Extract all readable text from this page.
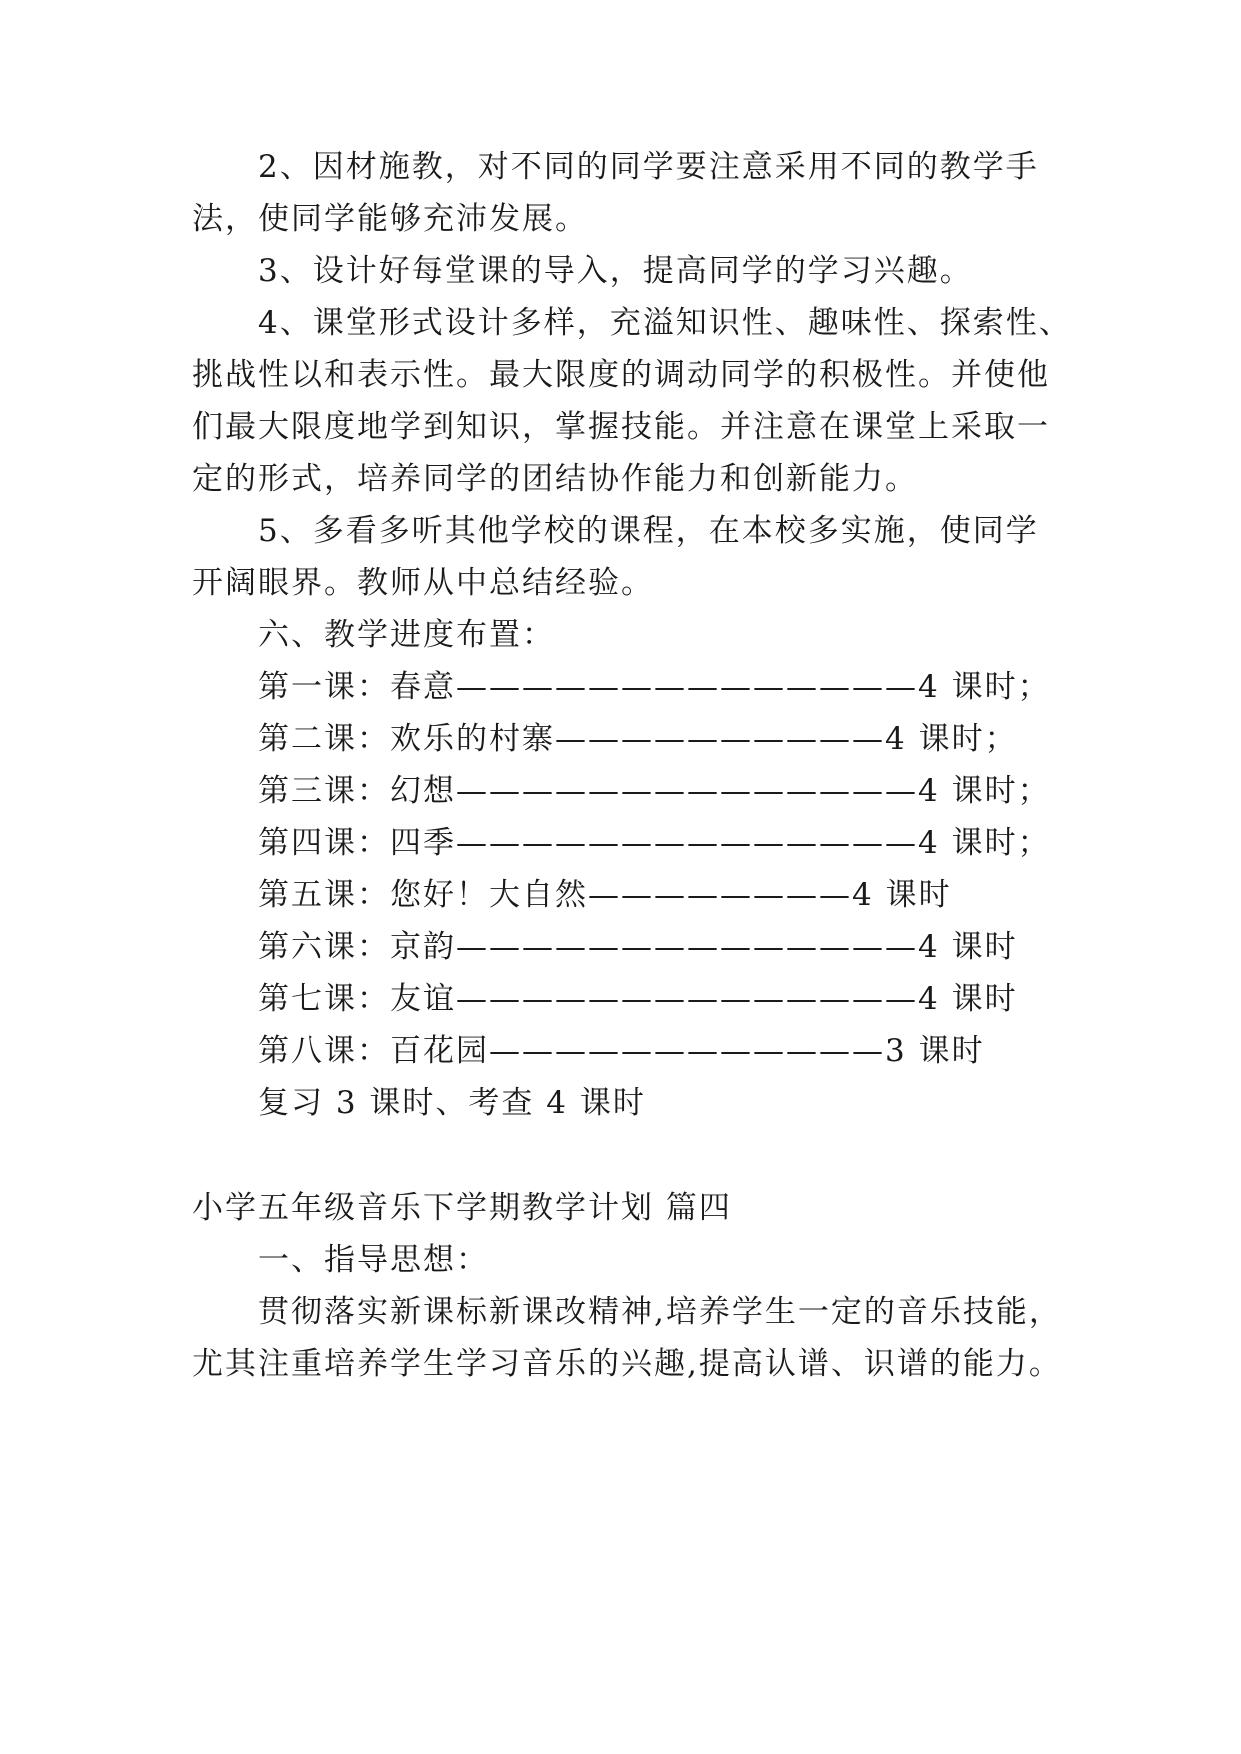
2、因材施教，对不同的同学要注意采用不同的教学手
法，使同学能够充沛发展。
3、设计好每堂课的导入，提高同学的学习兴趣。
4、课堂形式设计多样，充溢知识性、趣味性、探索性、
挑战性以和表示性。最大限度的调动同学的积极性。并使他
们最大限度地学到知识，掌握技能。并注意在课堂上采取一
定的形式，培养同学的团结协作能力和创新能力。
5、多看多听其他学校的课程，在本校多实施，使同学
开阔眼界。教师从中总结经验。
六、教学进度布置：
第一课：春意——————————————4 课时；
第二课：欢乐的村寨——————————4 课时；
第三课：幻想——————————————4 课时；
第四课：四季——————————————4 课时；
第五课：您好！大自然————————4 课时
第六课：京韵——————————————4 课时
第七课：友谊——————————————4 课时
第八课：百花园————————————3 课时
复习 3 课时、考查 4 课时
小学五年级音乐下学期教学计划 篇四
一、指导思想：
贯彻落实新课标新课改精神,培养学生一定的音乐技能，
尤其注重培养学生学习音乐的兴趣,提高认谱、识谱的能力。
